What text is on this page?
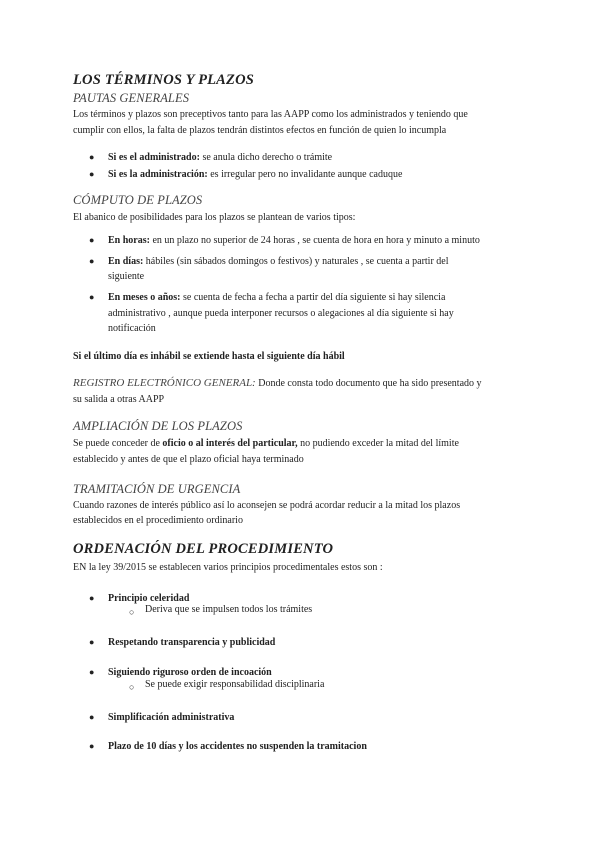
LOS TÉRMINOS Y PLAZOS
PAUTAS GENERALES
Los términos y plazos son preceptivos tanto para las AAPP como los administrados y teniendo que
cumplir con ellos, la falta de plazos tendrán distintos efectos en función de quien lo incumpla
● Si es el administrado: se anula dicho derecho o trámite
● Si es la administración: es irregular pero no invalidante aunque caduque
CÓMPUTO DE PLAZOS
El abanico de posibilidades para los plazos se plantean de varios tipos:
● En horas: en un plazo no superior de 24 horas , se cuenta de hora en hora y minuto a minuto
● En días: hábiles (sin sábados domingos o festivos) y naturales , se cuenta a partir del
siguiente
● En meses o años: se cuenta de fecha a fecha a partir del día siguiente si hay silencia
administrativo , aunque pueda interponer recursos o alegaciones al día siguiente si hay
notificación
Si el último día es inhábil se extiende hasta el siguiente día hábil
REGISTRO ELECTRÓNICO GENERAL: Donde consta todo documento que ha sido presentado y
su salida a otras AAPP
AMPLIACIÓN DE LOS PLAZOS
Se puede conceder de oficio o al interés del particular, no pudiendo exceder la mitad del límite
establecido y antes de que el plazo oficial haya terminado
TRAMITACIÓN DE URGENCIA
Cuando razones de interés público así lo aconsejen se podrá acordar reducir a la mitad los plazos
establecidos en el procedimiento ordinario
ORDENACIÓN DEL PROCEDIMIENTO
EN la ley 39/2015 se establecen varios principios procedimentales estos son :
● Principio celeridad
○ Deriva que se impulsen todos los trámites
● Respetando transparencia y publicidad
● Siguiendo riguroso orden de incoación
○ Se puede exigir responsabilidad disciplinaria
● Simplificación administrativa
● Plazo de 10 días y los accidentes no suspenden la tramitacion
